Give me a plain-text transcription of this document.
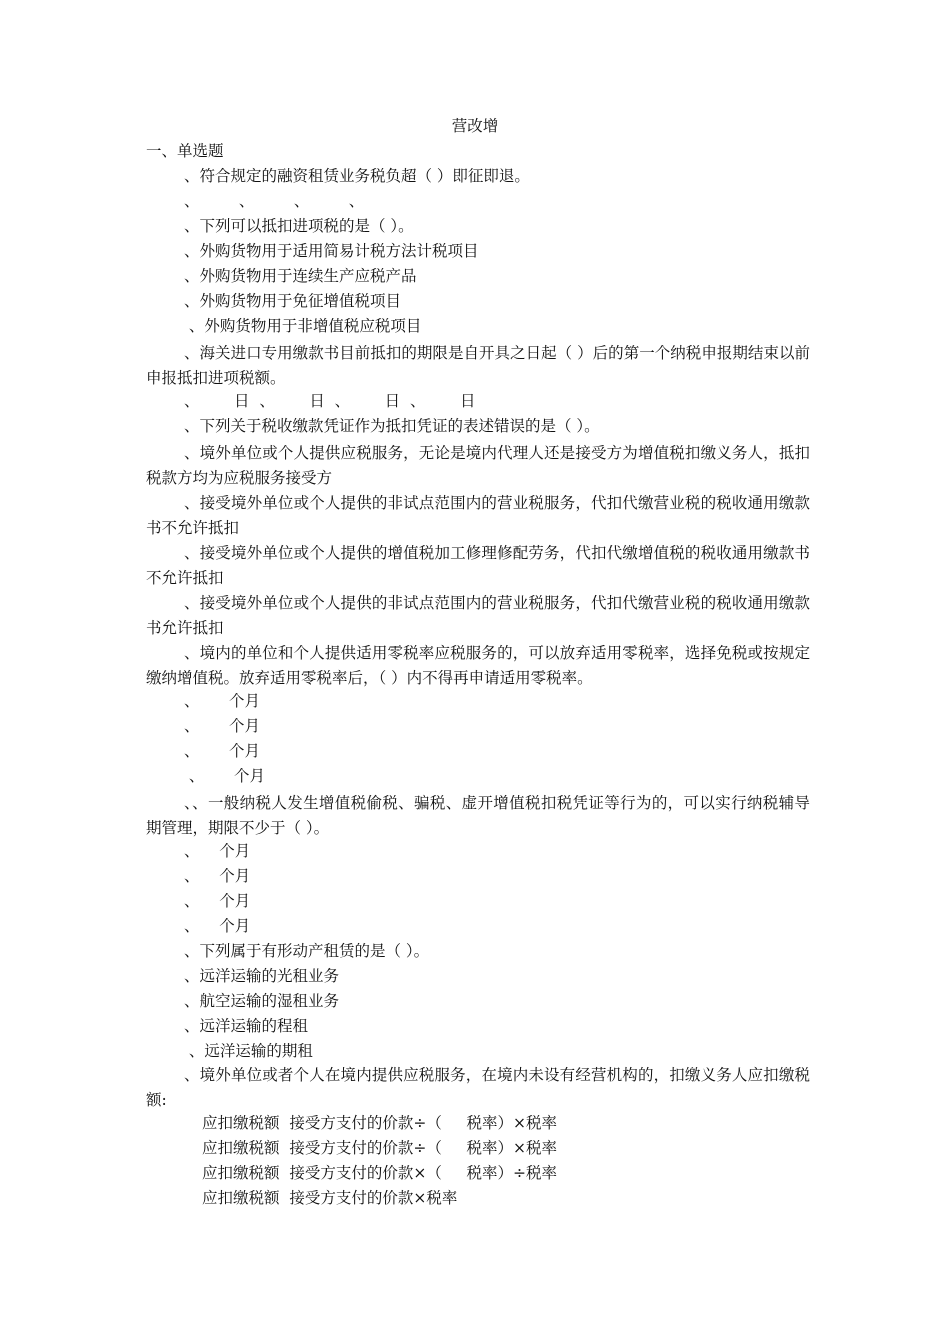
营改增
一、单选题
、符合规定的融资租赁业务税负超（ ）即征即退。
、        、        、        、
、下列可以抵扣进项税的是（ ）。
、外购货物用于适用简易计税方法计税项目
、外购货物用于连续生产应税产品
、外购货物用于免征增值税项目
、外购货物用于非增值税应税项目
、海关进口专用缴款书目前抵扣的期限是自开具之日起（ ）后的第一个纳税申报期结束以前申报抵扣进项税额。
、       日  、       日  、       日  、       日
、下列关于税收缴款凭证作为抵扣凭证的表述错误的是（ ）。
、境外单位或个人提供应税服务，无论是境内代理人还是接受方为增值税扣缴义务人，抵扣税款方均为应税服务接受方
、接受境外单位或个人提供的非试点范围内的营业税服务，代扣代缴营业税的税收通用缴款书不允许抵扣
、接受境外单位或个人提供的增值税加工修理修配劳务，代扣代缴增值税的税收通用缴款书不允许抵扣
、接受境外单位或个人提供的非试点范围内的营业税服务，代扣代缴营业税的税收通用缴款书允许抵扣
、境内的单位和个人提供适用零税率应税服务的，可以放弃适用零税率，选择免税或按规定缴纳增值税。放弃适用零税率后，（ ）内不得再申请适用零税率。
、      个月
、      个月
、      个月
、      个月
、、一般纳税人发生增值税偷税、骗税、虚开增值税扣税凭证等行为的，可以实行纳税辅导期管理，期限不少于（ ）。
、    个月
、    个月
、    个月
、    个月
、下列属于有形动产租赁的是（ ）。
、远洋运输的光租业务
、航空运输的湿租业务
、远洋运输的程租
、远洋运输的期租
、境外单位或者个人在境内提供应税服务，在境内未设有经营机构的，扣缴义务人应扣缴税额:
应扣缴税额  接受方支付的价款÷（     税率）×税率
应扣缴税额  接受方支付的价款÷（     税率）×税率
应扣缴税额  接受方支付的价款×（     税率）÷税率
应扣缴税额  接受方支付的价款×税率
